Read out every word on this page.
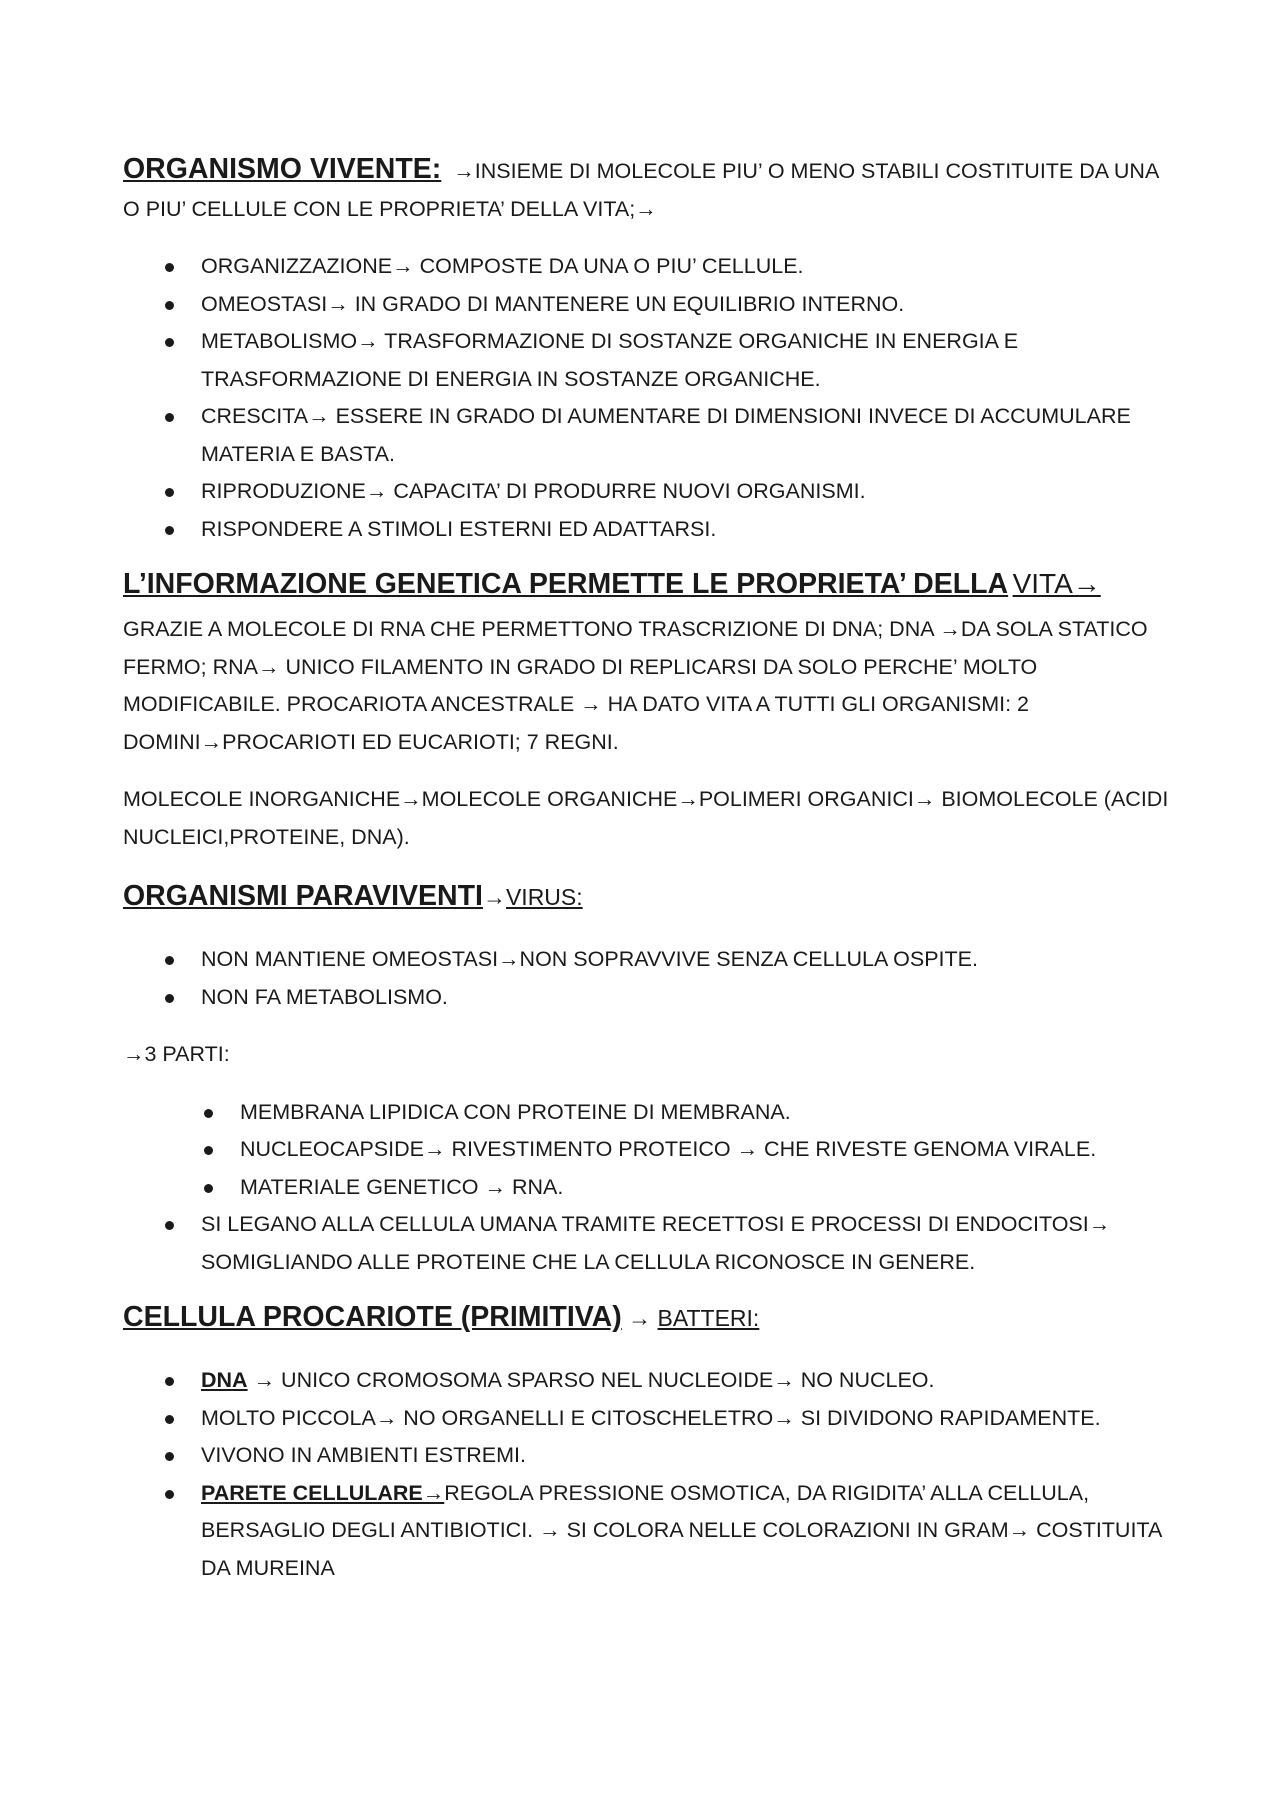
ORGANISMO VIVENTE: →INSIEME DI MOLECOLE PIU’ O MENO STABILI COSTITUITE DA UNA O PIU’ CELLULE CON LE PROPRIETA’ DELLA VITA;→

ORGANIZZAZIONE→ COMPOSTE DA UNA O PIU’ CELLULE.
OMEOSTASI→ IN GRADO DI MANTENERE UN EQUILIBRIO INTERNO.
METABOLISMO→ TRASFORMAZIONE DI SOSTANZE ORGANICHE IN ENERGIA E TRASFORMAZIONE DI ENERGIA IN SOSTANZE ORGANICHE.
CRESCITA→ ESSERE IN GRADO DI AUMENTARE DI DIMENSIONI INVECE DI ACCUMULARE MATERIA E BASTA.
RIPRODUZIONE→ CAPACITA’ DI PRODURRE NUOVI ORGANISMI.
RISPONDERE A STIMOLI ESTERNI ED ADATTARSI.
L’INFORMAZIONE GENETICA PERMETTE LE PROPRIETA’ DELLA VITA→

GRAZIE A MOLECOLE DI RNA CHE PERMETTONO TRASCRIZIONE DI DNA; DNA →DA SOLA STATICO FERMO; RNA→ UNICO FILAMENTO IN GRADO DI REPLICARSI DA SOLO PERCHE’ MOLTO MODIFICABILE. PROCARIOTA ANCESTRALE → HA DATO VITA A TUTTI GLI ORGANISMI: 2 DOMINI→PROCARIOTI ED EUCARIOTI; 7 REGNI.

MOLECOLE INORGANICHE→MOLECOLE ORGANICHE→POLIMERI ORGANICI→ BIOMOLECOLE (ACIDI NUCLEICI,PROTEINE, DNA).

ORGANISMI PARAVIVENTI→VIRUS:
NON MANTIENE OMEOSTASI→NON SOPRAVVIVE SENZA CELLULA OSPITE.
NON FA METABOLISMO.

→3 PARTI:

MEMBRANA LIPIDICA CON PROTEINE DI MEMBRANA.
NUCLEOCAPSIDE→ RIVESTIMENTO PROTEICO → CHE RIVESTE GENOMA VIRALE.
MATERIALE GENETICO → RNA.
SI LEGANO ALLA CELLULA UMANA TRAMITE RECETTOSI E PROCESSI DI ENDOCITOSI→ SOMIGLIANDO ALLE PROTEINE CHE LA CELLULA RICONOSCE IN GENERE.
CELLULA PROCARIOTE (PRIMITIVA) → BATTERI:
DNA → UNICO CROMOSOMA SPARSO NEL NUCLEOIDE→ NO NUCLEO.
MOLTO PICCOLA→ NO ORGANELLI E CITOSCHELETRO→ SI DIVIDONO RAPIDAMENTE.
VIVONO IN AMBIENTI ESTREMI.
PARETE CELLULARE→REGOLA PRESSIONE OSMOTICA, DA RIGIDITA’ ALLA CELLULA, BERSAGLIO DEGLI ANTIBIOTICI. → SI COLORA NELLE COLORAZIONI IN GRAM→ COSTITUITA DA MUREINA
